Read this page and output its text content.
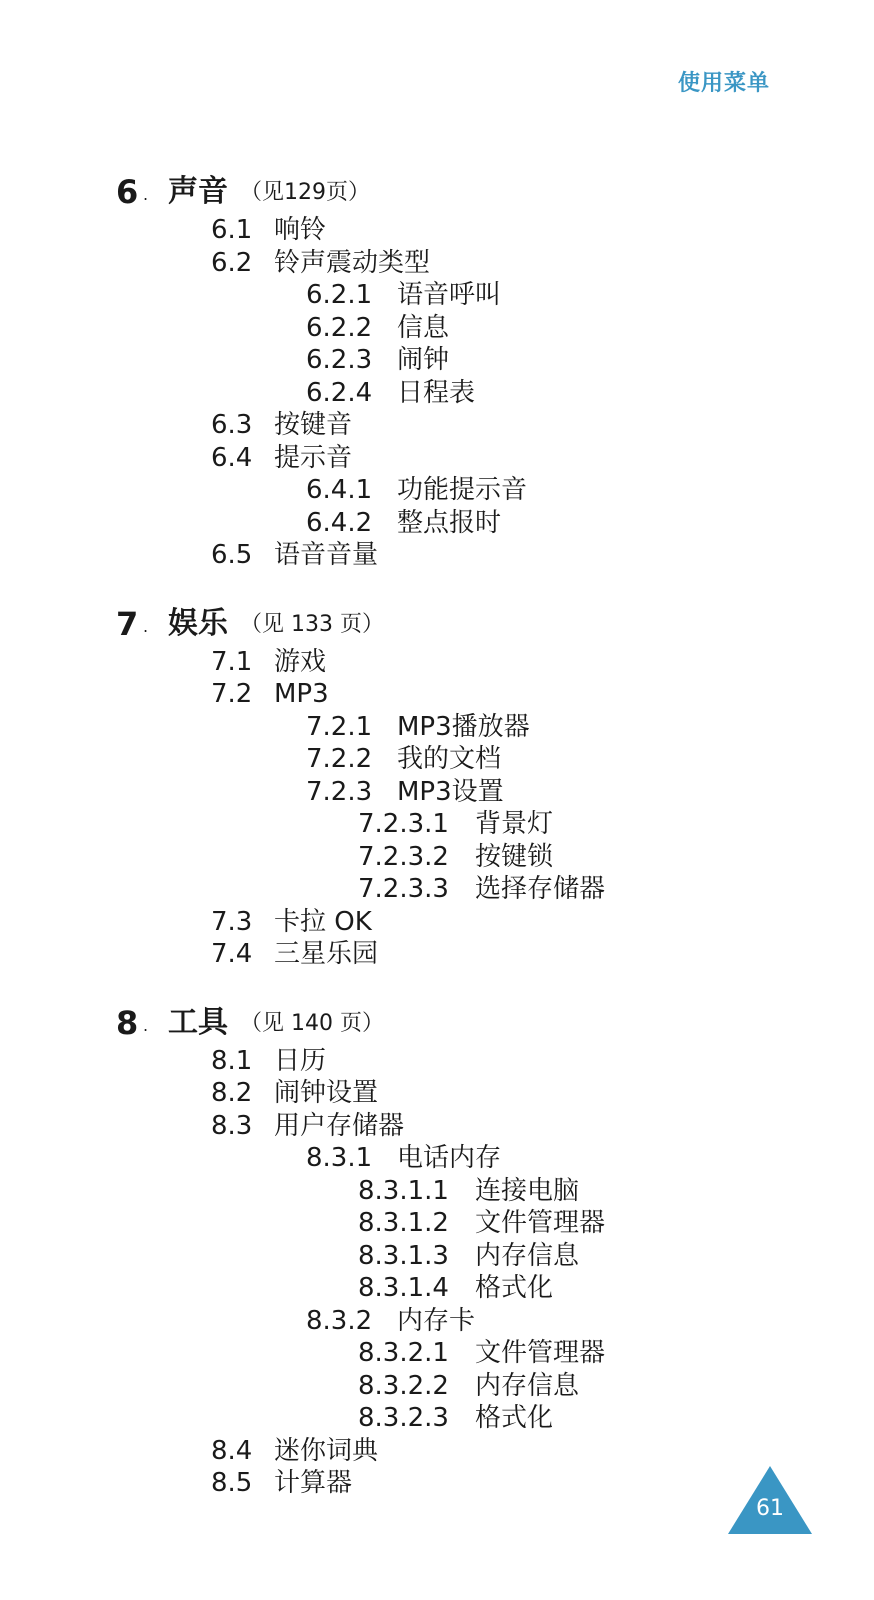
使用菜单
6 . 声音 （见129页）
6.1 响铃
6.2 铃声震动类型
6.2.1 语音呼叫
6.2.2 信息
6.2.3 闹钟
6.2.4 日程表
6.3 按键音
6.4 提示音
6.4.1 功能提示音
6.4.2 整点报时
6.5 语音音量
7 . 娱乐 （见 133 页）
7.1 游戏
7.2 MP3
7.2.1 MP3播放器
7.2.2 我的文档
7.2.3 MP3设置
7.2.3.1 背景灯
7.2.3.2 按键锁
7.2.3.3 选择存储器
7.3 卡拉 OK
7.4 三星乐园
8 . 工具 （见 140 页）
8.1 日历
8.2 闹钟设置
8.3 用户存储器
8.3.1 电话内存
8.3.1.1 连接电脑
8.3.1.2 文件管理器
8.3.1.3 内存信息
8.3.1.4 格式化
8.3.2 内存卡
8.3.2.1 文件管理器
8.3.2.2 内存信息
8.3.2.3 格式化
8.4 迷你词典
8.5 计算器
61
